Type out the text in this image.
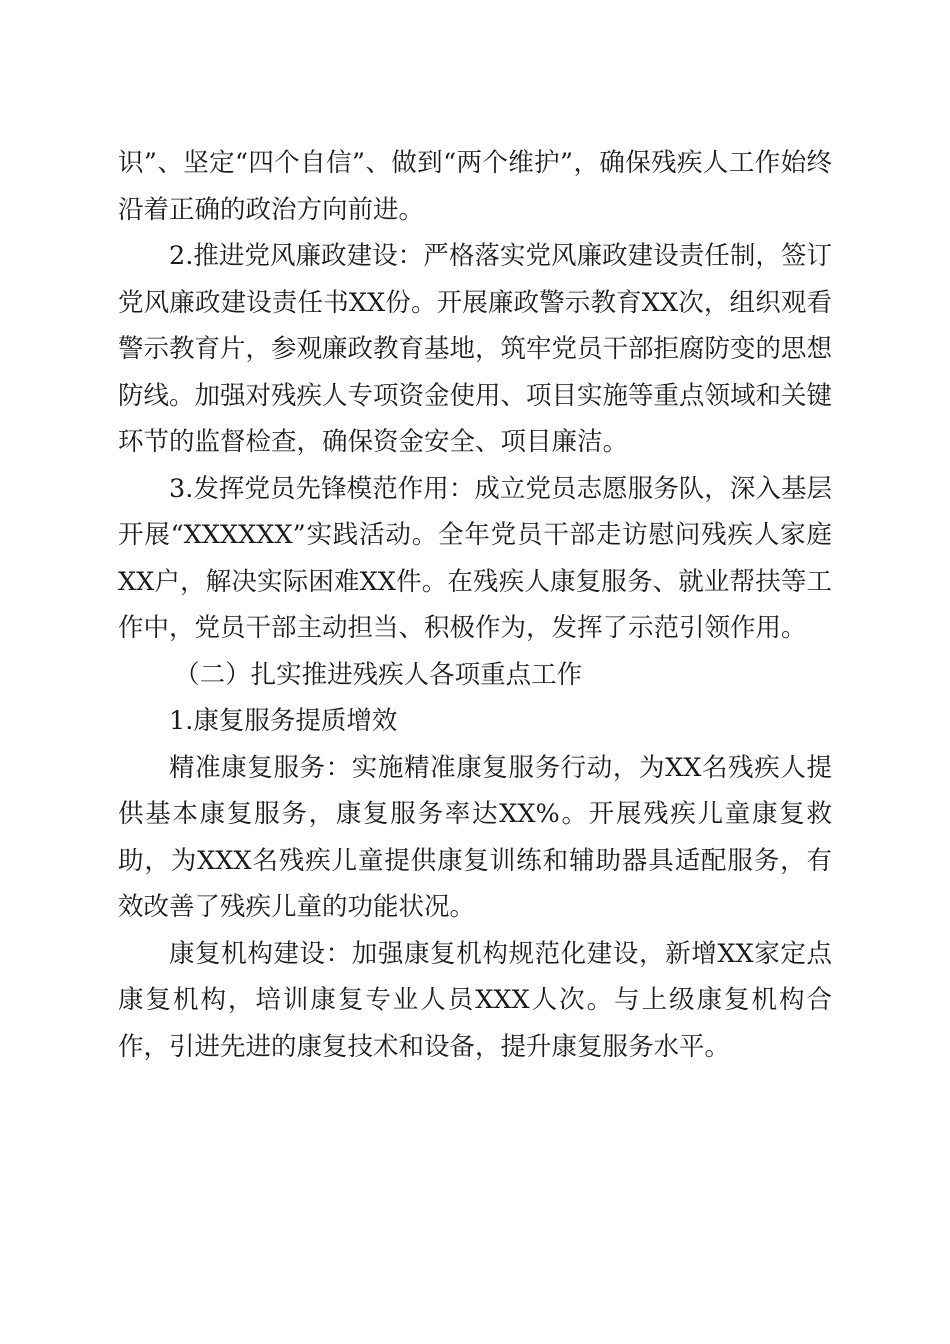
识”、坚定“四个自信”、做到“两个维护”，确保残疾人工作始终沿着正确的政治方向前进。

2.推进党风廉政建设：严格落实党风廉政建设责任制，签订党风廉政建设责任书XX份。开展廉政警示教育XX次，组织观看警示教育片，参观廉政教育基地，筑牢党员干部拒腐防变的思想防线。加强对残疾人专项资金使用、项目实施等重点领域和关键环节的监督检查，确保资金安全、项目廉洁。

3.发挥党员先锋模范作用：成立党员志愿服务队，深入基层开展“XXXXXX”实践活动。全年党员干部走访慰问残疾人家庭XX户，解决实际困难XX件。在残疾人康复服务、就业帮扶等工作中，党员干部主动担当、积极作为，发挥了示范引领作用。

（二）扎实推进残疾人各项重点工作

1.康复服务提质增效

精准康复服务：实施精准康复服务行动，为XX名残疾人提供基本康复服务，康复服务率达XX%。开展残疾儿童康复救助，为XXX名残疾儿童提供康复训练和辅助器具适配服务，有效改善了残疾儿童的功能状况。

康复机构建设：加强康复机构规范化建设，新增XX家定点康复机构，培训康复专业人员XXX人次。与上级康复机构合作，引进先进的康复技术和设备，提升康复服务水平。
